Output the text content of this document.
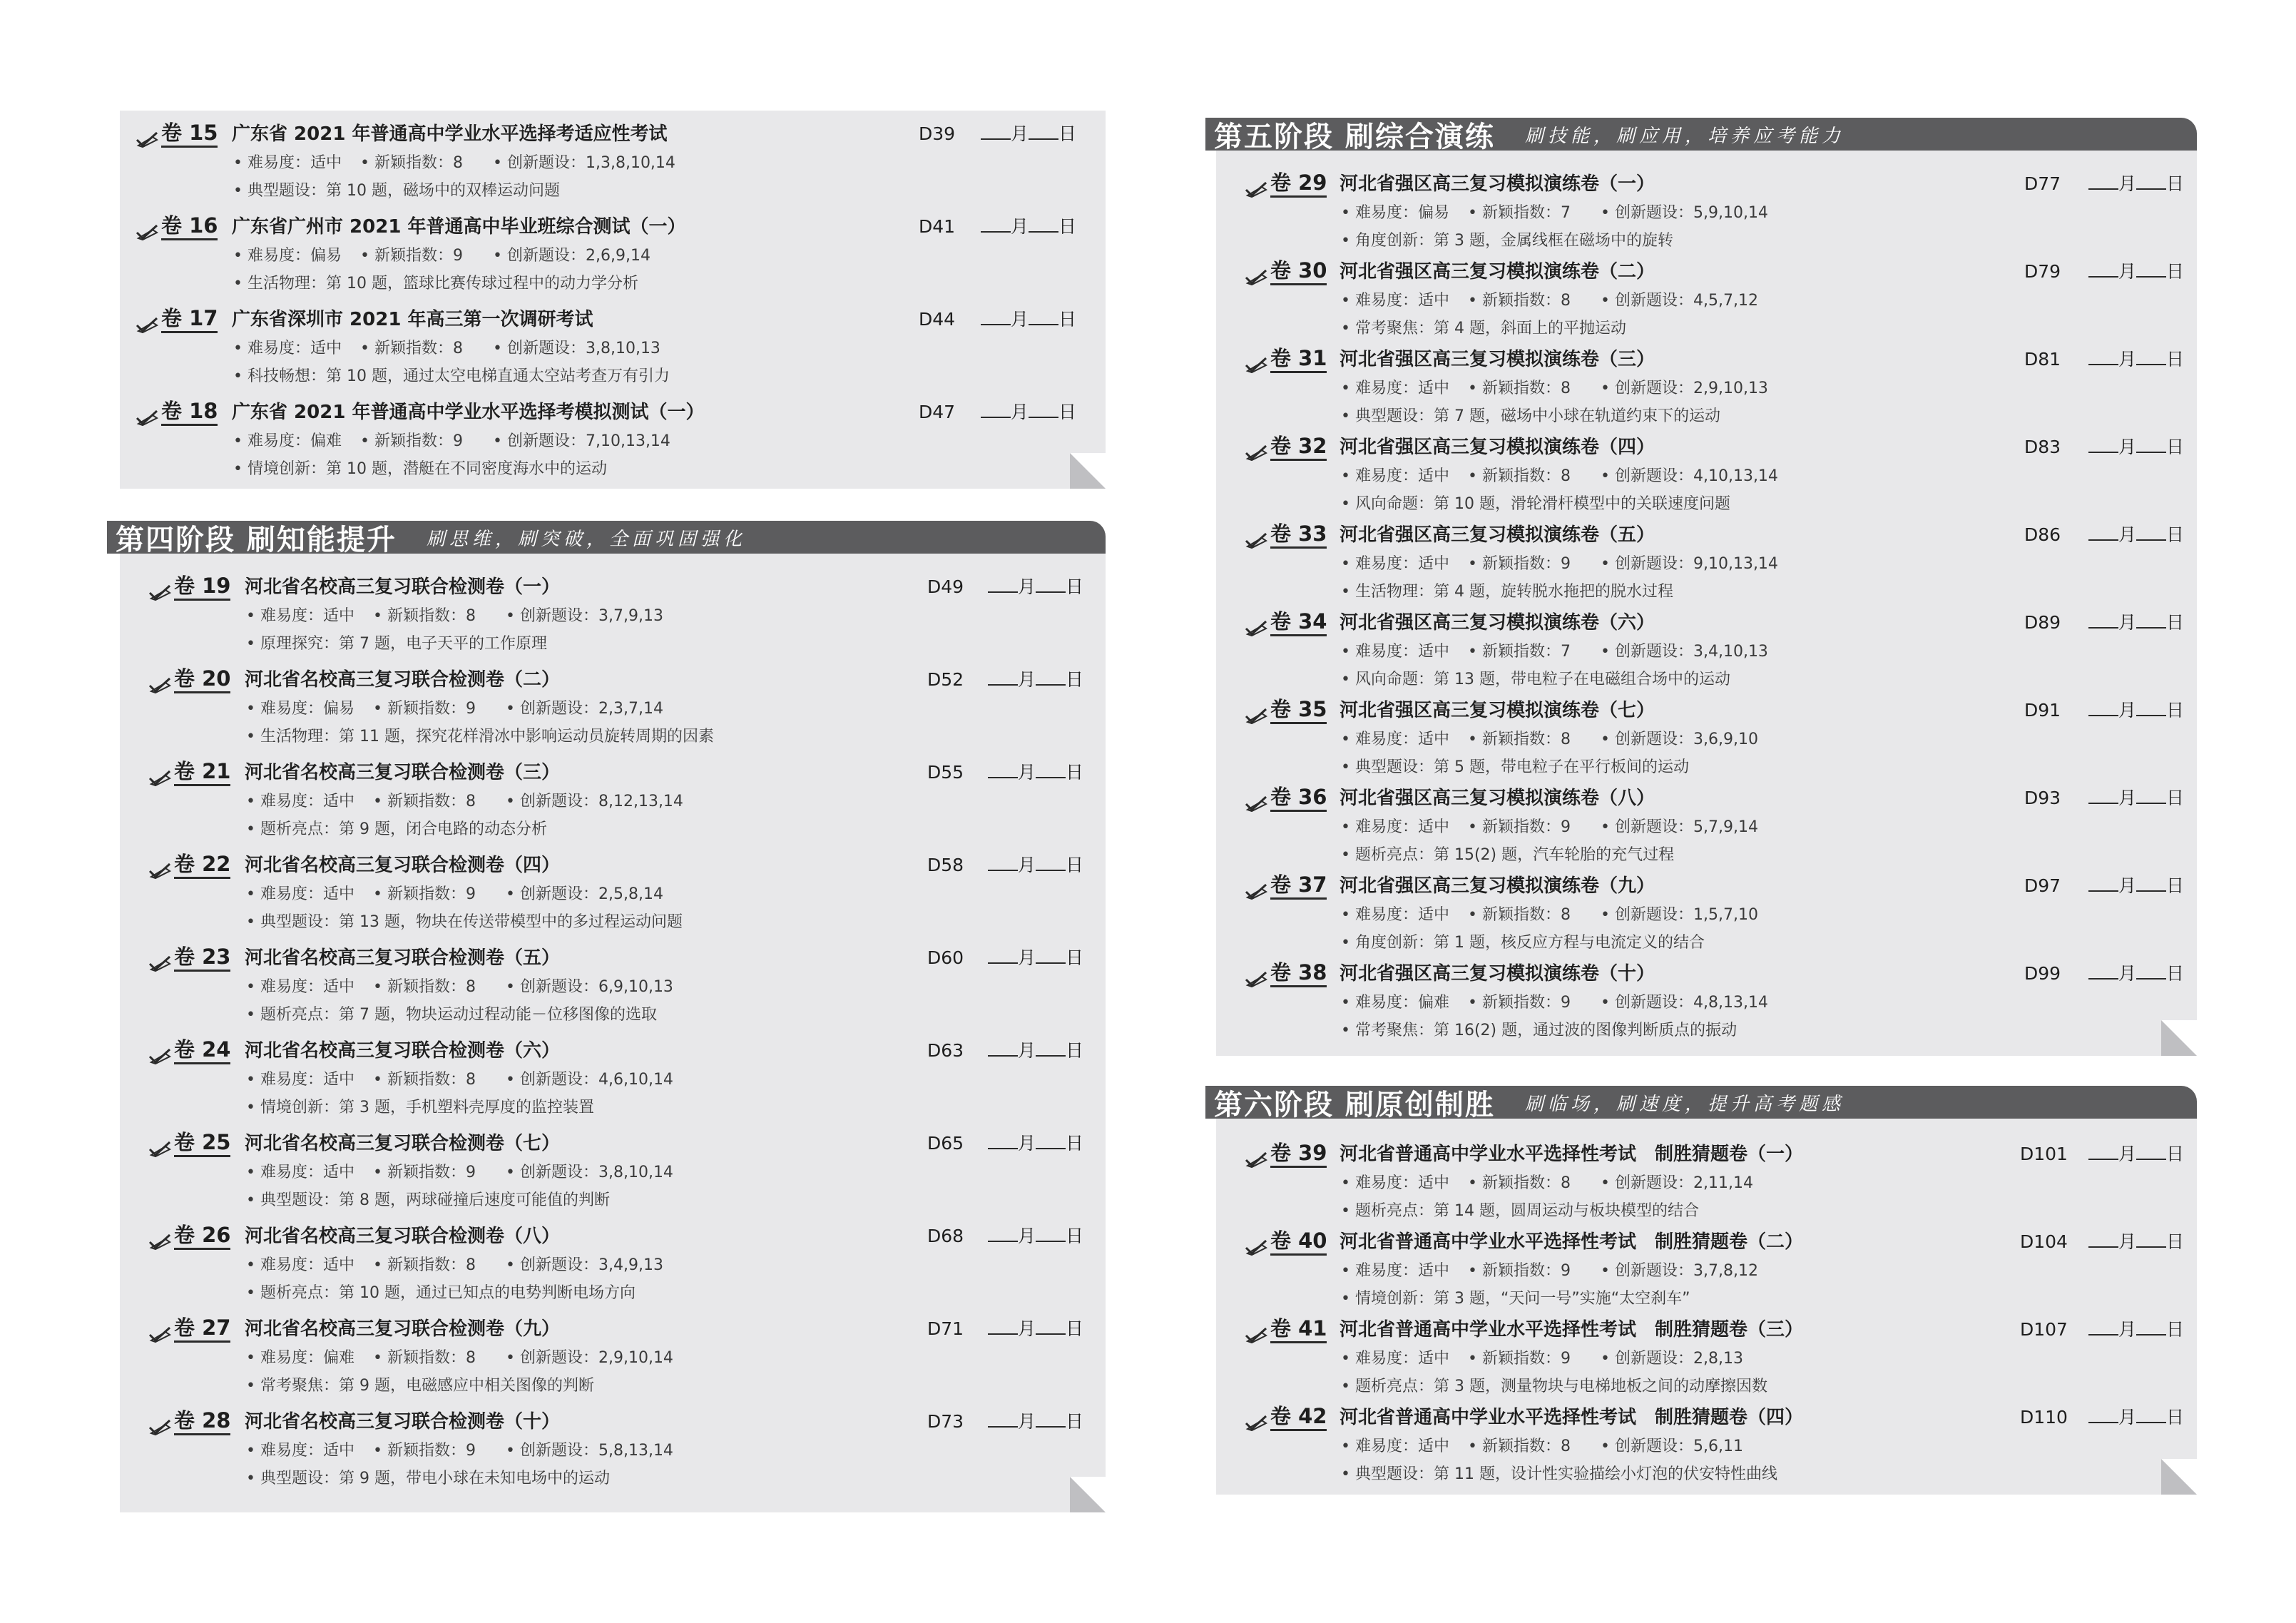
第四阶段 刷知能提升 刷思维，刷突破，全面巩固强化
第五阶段 刷综合演练 刷技能，刷应用，培养应考能力
第六阶段 刷原创制胜 刷临场，刷速度，提升高考题感
卷 15 广东省 2021 年普通高中学业水平选择考适应性考试	D39	月 日
• 难易度：适中 • 新颖指数：8 • 创新题设：1,3,8,10,14
• 典型题设：第 10 题，磁场中的双棒运动问题
卷 16 广东省广州市 2021 年普通高中毕业班综合测试（一）	D41	月 日
• 难易度：偏易 • 新颖指数：9 • 创新题设：2,6,9,14
• 生活物理：第 10 题，篮球比赛传球过程中的动力学分析
卷 17 广东省深圳市 2021 年高三第一次调研考试	D44	月 日
• 难易度：适中 • 新颖指数：8 • 创新题设：3,8,10,13
• 科技畅想：第 10 题，通过太空电梯直通太空站考查万有引力
卷 18 广东省 2021 年普通高中学业水平选择考模拟测试（一）	D47	月 日
• 难易度：偏难 • 新颖指数：9 • 创新题设：7,10,13,14
• 情境创新：第 10 题，潜艇在不同密度海水中的运动
卷 19 河北省名校高三复习联合检测卷（一）	D49	月 日
• 难易度：适中 • 新颖指数：8 • 创新题设：3,7,9,13
• 原理探究：第 7 题，电子天平的工作原理
卷 20 河北省名校高三复习联合检测卷（二）	D52	月 日
• 难易度：偏易 • 新颖指数：9 • 创新题设：2,3,7,14
• 生活物理：第 11 题，探究花样滑冰中影响运动员旋转周期的因素
卷 21 河北省名校高三复习联合检测卷（三）	D55	月 日
• 难易度：适中 • 新颖指数：8 • 创新题设：8,12,13,14
• 题析亮点：第 9 题，闭合电路的动态分析
卷 22 河北省名校高三复习联合检测卷（四）	D58	月 日
• 难易度：适中 • 新颖指数：9 • 创新题设：2,5,8,14
• 典型题设：第 13 题，物块在传送带模型中的多过程运动问题
卷 23 河北省名校高三复习联合检测卷（五）	D60	月 日
• 难易度：适中 • 新颖指数：8 • 创新题设：6,9,10,13
• 题析亮点：第 7 题，物块运动过程动能－位移图像的选取
卷 24 河北省名校高三复习联合检测卷（六）	D63	月 日
• 难易度：适中 • 新颖指数：8 • 创新题设：4,6,10,14
• 情境创新：第 3 题，手机塑料壳厚度的监控装置
卷 25 河北省名校高三复习联合检测卷（七）	D65	月 日
• 难易度：适中 • 新颖指数：9 • 创新题设：3,8,10,14
• 典型题设：第 8 题，两球碰撞后速度可能值的判断
卷 26 河北省名校高三复习联合检测卷（八）	D68	月 日
• 难易度：适中 • 新颖指数：8 • 创新题设：3,4,9,13
• 题析亮点：第 10 题，通过已知点的电势判断电场方向
卷 27 河北省名校高三复习联合检测卷（九）	D71	月 日
• 难易度：偏难 • 新颖指数：8 • 创新题设：2,9,10,14
• 常考聚焦：第 9 题，电磁感应中相关图像的判断
卷 28 河北省名校高三复习联合检测卷（十）	D73	月 日
• 难易度：适中 • 新颖指数：9 • 创新题设：5,8,13,14
• 典型题设：第 9 题，带电小球在未知电场中的运动
卷 29 河北省强区高三复习模拟演练卷（一）	D77	月 日
• 难易度：偏易 • 新颖指数：7 • 创新题设：5,9,10,14
• 角度创新：第 3 题，金属线框在磁场中的旋转
卷 30 河北省强区高三复习模拟演练卷（二）	D79	月 日
• 难易度：适中 • 新颖指数：8 • 创新题设：4,5,7,12
• 常考聚焦：第 4 题，斜面上的平抛运动
卷 31 河北省强区高三复习模拟演练卷（三）	D81	月 日
• 难易度：适中 • 新颖指数：8 • 创新题设：2,9,10,13
• 典型题设：第 7 题，磁场中小球在轨道约束下的运动
卷 32 河北省强区高三复习模拟演练卷（四）	D83	月 日
• 难易度：适中 • 新颖指数：8 • 创新题设：4,10,13,14
• 风向命题：第 10 题，滑轮滑杆模型中的关联速度问题
卷 33 河北省强区高三复习模拟演练卷（五）	D86	月 日
• 难易度：适中 • 新颖指数：9 • 创新题设：9,10,13,14
• 生活物理：第 4 题，旋转脱水拖把的脱水过程
卷 34 河北省强区高三复习模拟演练卷（六）	D89	月 日
• 难易度：适中 • 新颖指数：7 • 创新题设：3,4,10,13
• 风向命题：第 13 题，带电粒子在电磁组合场中的运动
卷 35 河北省强区高三复习模拟演练卷（七）	D91	月 日
• 难易度：适中 • 新颖指数：8 • 创新题设：3,6,9,10
• 典型题设：第 5 题，带电粒子在平行板间的运动
卷 36 河北省强区高三复习模拟演练卷（八）	D93	月 日
• 难易度：适中 • 新颖指数：9 • 创新题设：5,7,9,14
• 题析亮点：第 15(2) 题，汽车轮胎的充气过程
卷 37 河北省强区高三复习模拟演练卷（九）	D97	月 日
• 难易度：适中 • 新颖指数：8 • 创新题设：1,5,7,10
• 角度创新：第 1 题，核反应方程与电流定义的结合
卷 38 河北省强区高三复习模拟演练卷（十）	D99	月 日
• 难易度：偏难 • 新颖指数：9 • 创新题设：4,8,13,14
• 常考聚焦：第 16(2) 题，通过波的图像判断质点的振动
卷 39 河北省普通高中学业水平选择性考试　制胜猜题卷（一）	D101	月 日
• 难易度：适中 • 新颖指数：8 • 创新题设：2,11,14
• 题析亮点：第 14 题，圆周运动与板块模型的结合
卷 40 河北省普通高中学业水平选择性考试　制胜猜题卷（二）	D104	月 日
• 难易度：适中 • 新颖指数：9 • 创新题设：3,7,8,12
• 情境创新：第 3 题，“天问一号”实施“太空刹车”
卷 41 河北省普通高中学业水平选择性考试　制胜猜题卷（三）	D107	月 日
• 难易度：适中 • 新颖指数：9 • 创新题设：2,8,13
• 题析亮点：第 3 题，测量物块与电梯地板之间的动摩擦因数
卷 42 河北省普通高中学业水平选择性考试　制胜猜题卷（四）	D110	月 日
• 难易度：适中 • 新颖指数：8 • 创新题设：5,6,11
• 典型题设：第 11 题，设计性实验描绘小灯泡的伏安特性曲线
